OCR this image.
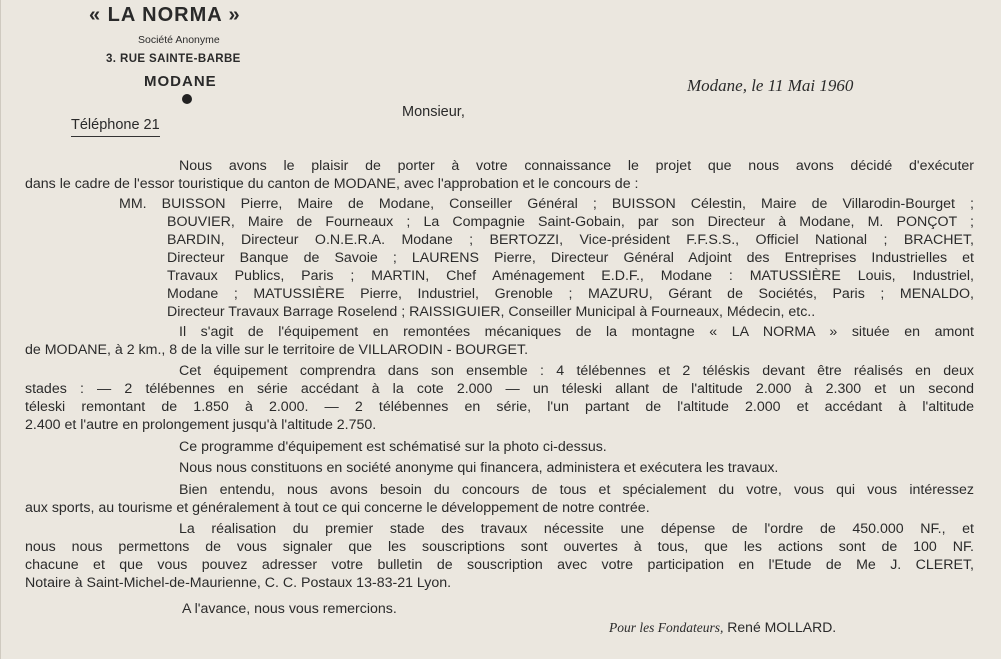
« LA NORMA »
Société Anonyme
3. RUE SAINTE-BARBE
MODANE
Téléphone 21
Modane, le 11 Mai 1960
Monsieur,
Nous avons le plaisir de porter à votre connaissance le projet que nous avons décidé d'exécuter
dans le cadre de l'essor touristique du canton de MODANE, avec l'approbation et le concours de :
MM. BUISSON Pierre, Maire de Modane, Conseiller Général ; BUISSON Célestin, Maire de Villarodin-Bourget ;
BOUVIER, Maire de Fourneaux ; La Compagnie Saint-Gobain, par son Directeur à Modane, M. PONÇOT ;
BARDIN, Directeur O.N.E.R.A. Modane ; BERTOZZI, Vice-président F.F.S.S., Officiel National ; BRACHET,
Directeur Banque de Savoie ; LAURENS Pierre, Directeur Général Adjoint des Entreprises Industrielles et
Travaux Publics, Paris ; MARTIN, Chef Aménagement E.D.F., Modane : MATUSSIÈRE Louis, Industriel,
Modane ; MATUSSIÈRE Pierre, Industriel, Grenoble ; MAZURU, Gérant de Sociétés, Paris ; MENALDO,
Directeur Travaux Barrage Roselend ; RAISSIGUIER, Conseiller Municipal à Fourneaux, Médecin, etc..
Il s'agit de l'équipement en remontées mécaniques de la montagne « LA NORMA » située en amont
de MODANE, à 2 km., 8 de la ville sur le territoire de VILLARODIN - BOURGET.
Cet équipement comprendra dans son ensemble : 4 télébennes et 2 téléskis devant être réalisés en deux
stades : — 2 télébennes en série accédant à la cote 2.000 — un téleski allant de l'altitude 2.000 à 2.300 et un second
téleski remontant de 1.850 à 2.000. — 2 télébennes en série, l'un partant de l'altitude 2.000 et accédant à l'altitude
2.400 et l'autre en prolongement jusqu'à l'altitude 2.750.
Ce programme d'équipement est schématisé sur la photo ci-dessus.
Nous nous constituons en société anonyme qui financera, administera et exécutera les travaux.
Bien entendu, nous avons besoin du concours de tous et spécialement du votre, vous qui vous intéressez
aux sports, au tourisme et généralement à tout ce qui concerne le développement de notre contrée.
La réalisation du premier stade des travaux nécessite une dépense de l'ordre de 450.000 NF., et
nous nous permettons de vous signaler que les souscriptions sont ouvertes à tous, que les actions sont de 100 NF.
chacune et que vous pouvez adresser votre bulletin de souscription avec votre participation en l'Etude de Me J. CLERET,
Notaire à Saint-Michel-de-Maurienne, C. C. Postaux 13-83-21 Lyon.
A l'avance, nous vous remercions.
Pour les Fondateurs, René MOLLARD.
